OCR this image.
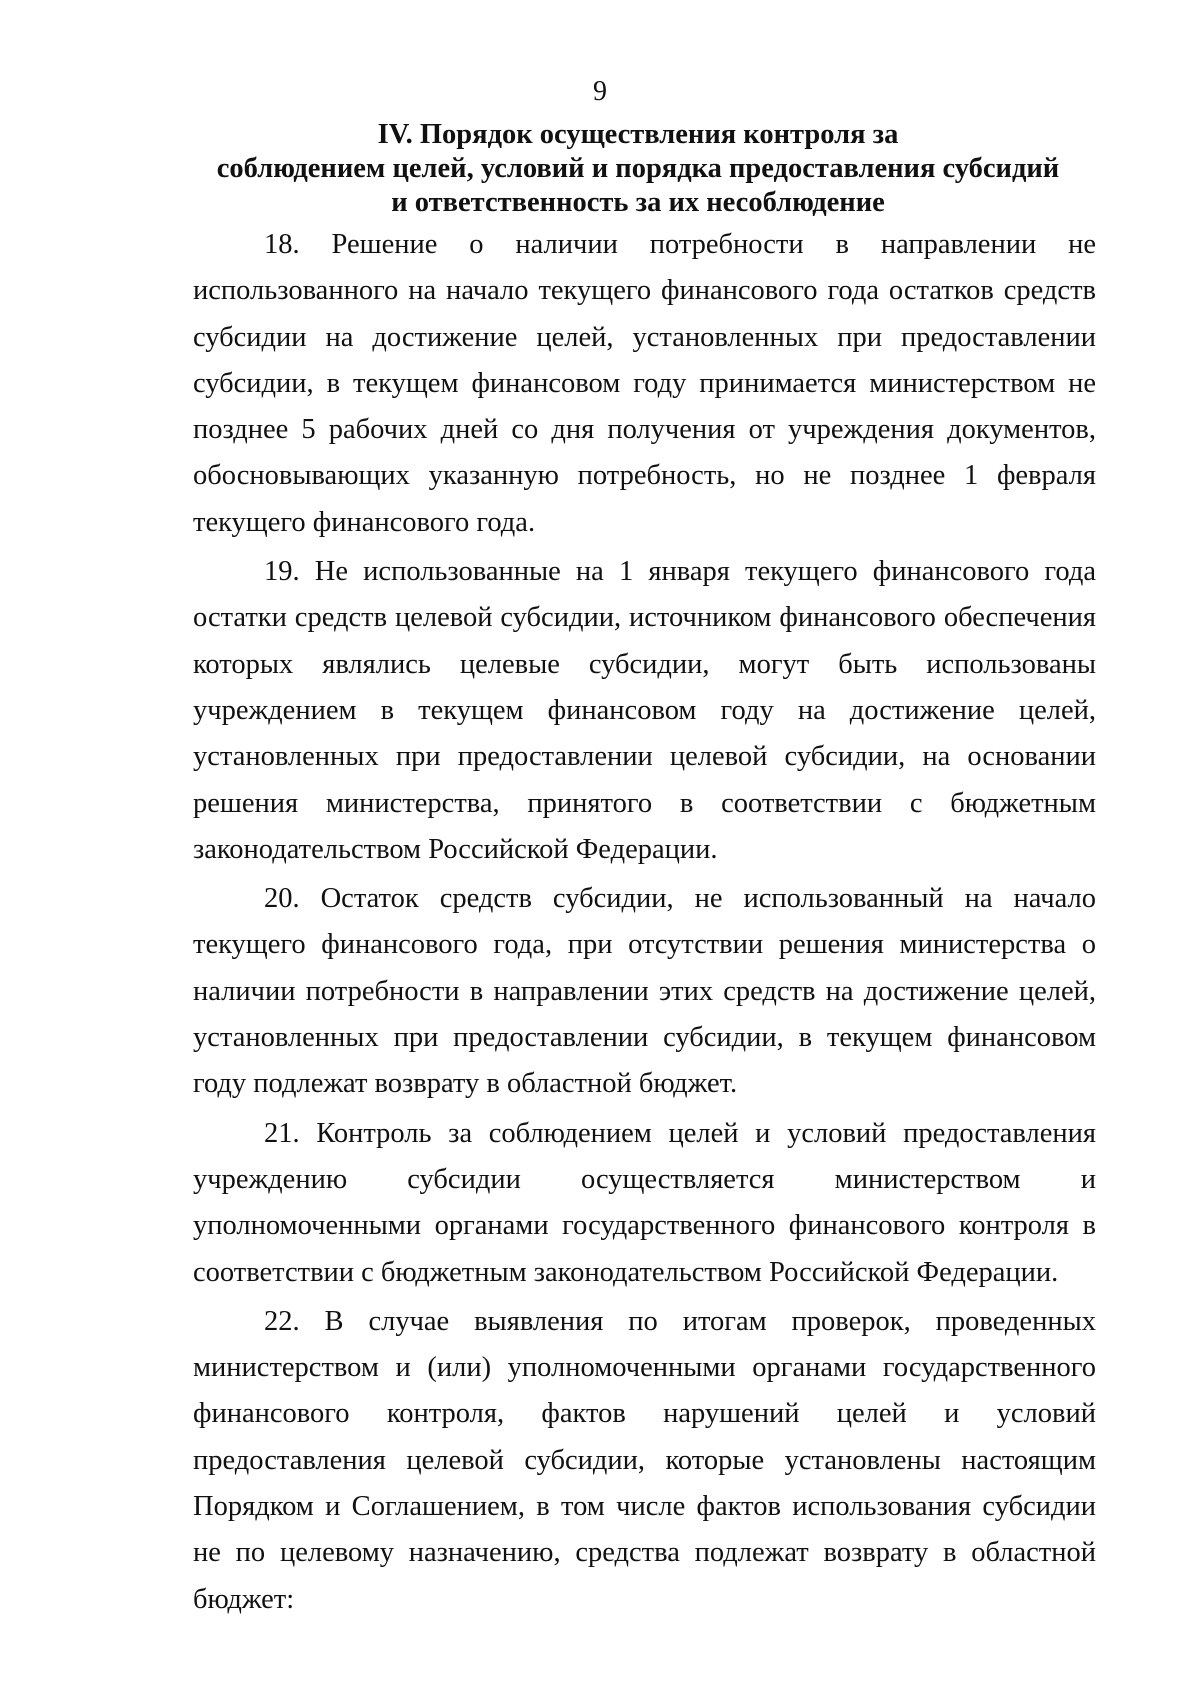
9
IV. Порядок осуществления контроля за
соблюдением целей, условий и порядка предоставления субсидий
и ответственность за их несоблюдение

18. Решение о наличии потребности в направлении не использованного на начало текущего финансового года остатков средств субсидии на достижение целей, установленных при предоставлении субсидии, в текущем финансовом году принимается министерством не позднее 5 рабочих дней со дня получения от учреждения документов, обосновывающих указанную потребность, но не позднее 1 февраля текущего финансового года.

19. Не использованные на 1 января текущего финансового года остатки средств целевой субсидии, источником финансового обеспечения которых являлись целевые субсидии, могут быть использованы учреждением в текущем финансовом году на достижение целей, установленных при предоставлении целевой субсидии, на основании решения министерства, принятого в соответствии с бюджетным законодательством Российской Федерации.

20. Остаток средств субсидии, не использованный на начало текущего финансового года, при отсутствии решения министерства о наличии потребности в направлении этих средств на достижение целей, установленных при предоставлении субсидии, в текущем финансовом году подлежат возврату в областной бюджет.

21. Контроль за соблюдением целей и условий предоставления учреждению субсидии осуществляется министерством и уполномоченными органами государственного финансового контроля в соответствии с бюджетным законодательством Российской Федерации.

22. В случае выявления по итогам проверок, проведенных министерством и (или) уполномоченными органами государственного финансового контроля, фактов нарушений целей и условий предоставления целевой субсидии, которые установлены настоящим Порядком и Соглашением, в том числе фактов использования субсидии не по целевому назначению, средства подлежат возврату в областной бюджет:
